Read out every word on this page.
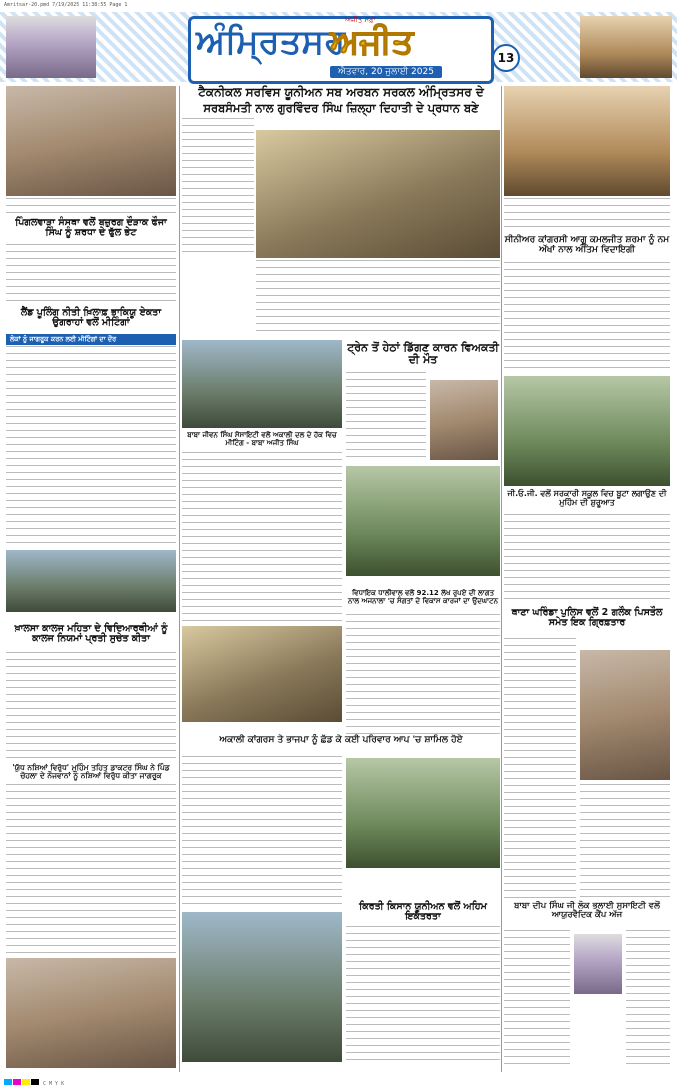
Amritsar-20.pmd 7/19/2025 11:38:55 Page 1
ਅੰਮ੍ਰਿਤਸਰ
ਅਜੀਤ
ਅਜੀਤ ਸਫ਼ਾ
ਐਤਵਾਰ, 20 ਜੁਲਾਈ 2025
13
ਟੈਕਨੀਕਲ ਸਰਵਿਸ ਯੂਨੀਅਨ ਸਬ ਅਰਬਨ ਸਰਕਲ ਅੰਮ੍ਰਿਤਸਰ ਦੇ
ਸਰਬਸੰਮਤੀ ਨਾਲ ਗੁਰਵਿੰਦਰ ਸਿੰਘ ਜ਼ਿਲ੍ਹਾ ਦਿਹਾਤੀ ਦੇ ਪ੍ਰਧਾਨ ਬਣੇ
ਪਿੰਗਲਵਾੜਾ ਸੰਸਥਾ ਵਲੋਂ ਬਜ਼ੁਰਗ ਦੌੜਾਕ ਫੌਜਾ ਸਿੰਘ ਨੂੰ ਸ਼ਰਧਾ ਦੇ ਫੁੱਲ ਭੇਟ
ਲੈਂਡ ਪੂਲਿੰਗ ਨੀਤੀ ਖ਼ਿਲਾਫ਼ ਭਾਕਿਯੂ ਏਕਤਾ ਉਗਰਾਹਾਂ ਵਲੋਂ ਮੀਟਿੰਗਾਂ
ਲੋਕਾਂ ਨੂੰ ਜਾਗਰੂਕ ਕਰਨ ਲਈ ਮੀਟਿੰਗਾਂ ਦਾ ਦੌਰ
ਖ਼ਾਲਸਾ ਕਾਲਜ ਮਹਿਤਾ ਦੇ ਵਿਦਿਆਰਥੀਆਂ ਨੂੰ ਕਾਲਜ ਨਿਯਮਾਂ ਪ੍ਰਤੀ ਸੁਚੇਤ ਕੀਤਾ
'ਯੁੱਧ ਨਸ਼ਿਆਂ ਵਿਰੁੱਧ' ਮੁਹਿੰਮ ਤਹਿਤ ਡਾਕਟਰ ਸਿੰਘ ਨੇ ਪਿੰਡ ਚੋਹਲਾ ਦੇ ਨੌਜਵਾਨਾਂ ਨੂੰ ਨਸ਼ਿਆਂ ਵਿਰੁੱਧ ਕੀਤਾ ਜਾਗਰੂਕ
ਬਾਬਾ ਜੀਵਨ ਸਿੰਘ ਸੋਸਾਇਟੀ ਵਲੋਂ ਅਕਾਲੀ ਦਲ ਦੇ ਹੱਕ ਵਿਚ ਮੀਟਿੰਗ - ਬਾਬਾ ਅਜੀਤ ਸਿੰਘ
ਟ੍ਰੇਨ ਤੋਂ ਹੇਠਾਂ ਡਿੱਗਣ ਕਾਰਨ ਵਿਅਕਤੀ ਦੀ ਮੌਤ
ਵਿਧਾਇਕ ਧਾਲੀਵਾਲ ਵਲੋਂ 92.12 ਲੱਖ ਰੁਪਏ ਦੀ ਲਾਗਤ ਨਾਲ ਅਜਨਾਲਾ 'ਚ ਸੰਗਤਾਂ ਦੇ ਵਿਕਾਸ ਕਾਰਜਾਂ ਦਾ ਉਦਘਾਟਨ
ਅਕਾਲੀ ਕਾਂਗਰਸ ਤੇ ਭਾਜਪਾ ਨੂੰ ਛੱਡ ਕੇ ਕਈ ਪਰਿਵਾਰ ਆਪ 'ਚ ਸ਼ਾਮਿਲ ਹੋਏ
ਕਿਰਤੀ ਕਿਸਾਨ ਯੂਨੀਅਨ ਵਲੋਂ ਅਹਿਮ ਇਕੱਤਰਤਾ
ਸੀਨੀਅਰ ਕਾਂਗਰਸੀ ਆਗੂ ਕਮਲਜੀਤ ਸ਼ਰਮਾ ਨੂੰ ਨਮ ਅੱਖਾਂ ਨਾਲ ਅੰਤਿਮ ਵਿਦਾਇਗੀ
ਜੀ.ਓ.ਜੀ. ਵਲੋਂ ਸਰਕਾਰੀ ਸਕੂਲ ਵਿਚ ਬੂਟਾ ਲਗਾਉਣ ਦੀ ਮੁਹਿੰਮ ਦੀ ਸ਼ੁਰੂਆਤ
ਥਾਣਾ ਘਰਿੰਡਾ ਪੁਲਿਸ ਵਲੋਂ 2 ਗਲੌਕ ਪਿਸਤੌਲ ਸਮੇਤ ਇਕ ਗ੍ਰਿਫ਼ਤਾਰ
ਬਾਬਾ ਦੀਪ ਸਿੰਘ ਜੀ ਲੋਕ ਭਲਾਈ ਸੁਸਾਇਟੀ ਵਲੋਂ ਆਯੁਰਵੈਦਿਕ ਕੈਂਪ ਅੱਜ
C M Y K
